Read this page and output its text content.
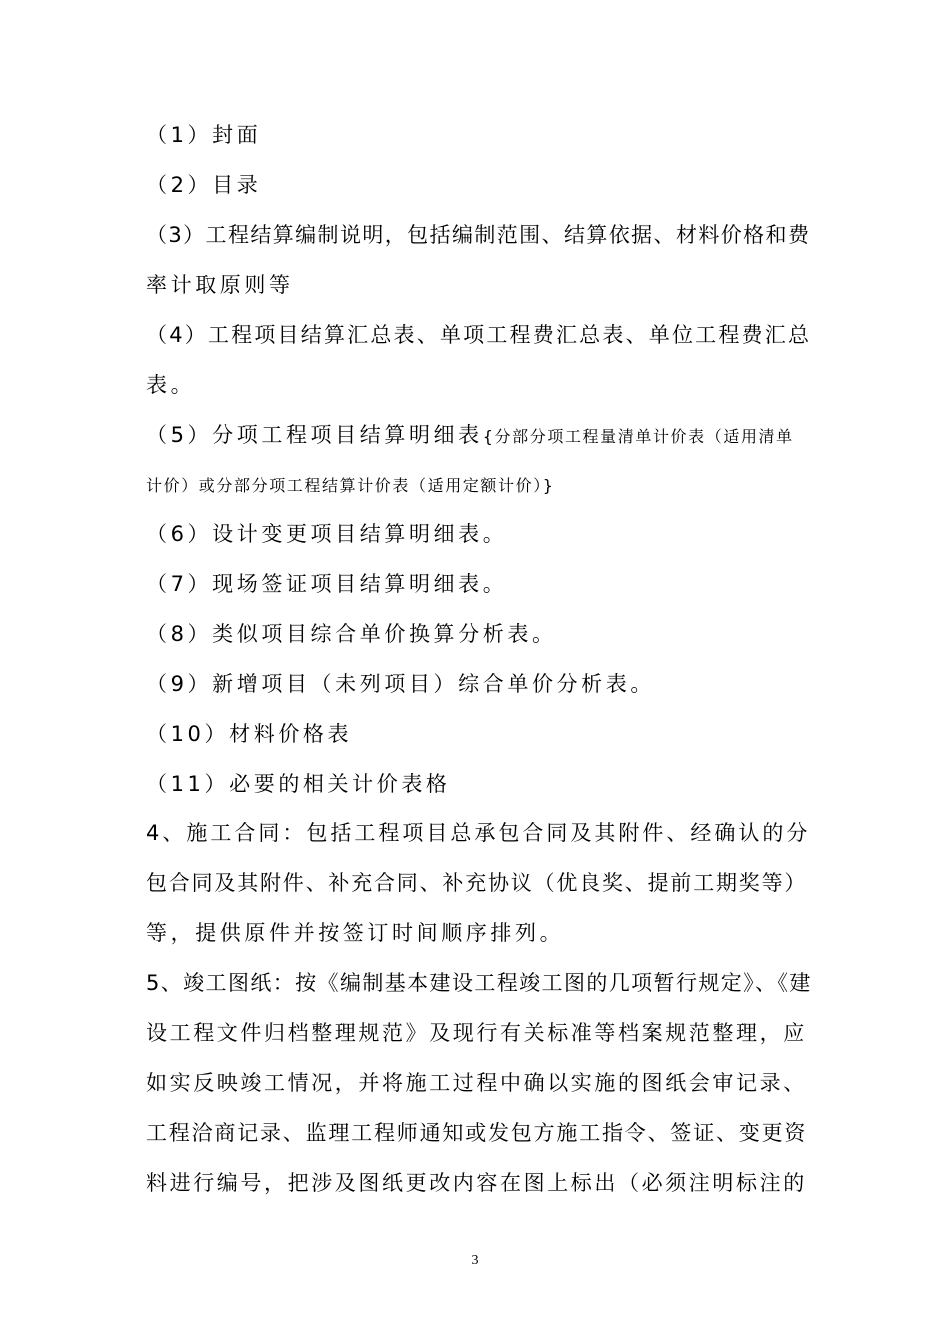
（1）封面
（2）目录
（3）工程结算编制说明，包括编制范围、结算依据、材料价格和费
率计取原则等
（4）工程项目结算汇总表、单项工程费汇总表、单位工程费汇总
表。
（5）分项工程项目结算明细表{分部分项工程量清单计价表（适用清单
计价）或分部分项工程结算计价表（适用定额计价）}
（6）设计变更项目结算明细表。
（7）现场签证项目结算明细表。
（8）类似项目综合单价换算分析表。
（9）新增项目（未列项目）综合单价分析表。
（10）材料价格表
（11）必要的相关计价表格
4、施工合同：包括工程项目总承包合同及其附件、经确认的分
包合同及其附件、补充合同、补充协议（优良奖、提前工期奖等）
等，提供原件并按签订时间顺序排列。
5、竣工图纸：按《编制基本建设工程竣工图的几项暂行规定》、《建
设工程文件归档整理规范》及现行有关标准等档案规范整理，应
如实反映竣工情况，并将施工过程中确以实施的图纸会审记录、
工程洽商记录、监理工程师通知或发包方施工指令、签证、变更资
料进行编号，把涉及图纸更改内容在图上标出（必须注明标注的
3
